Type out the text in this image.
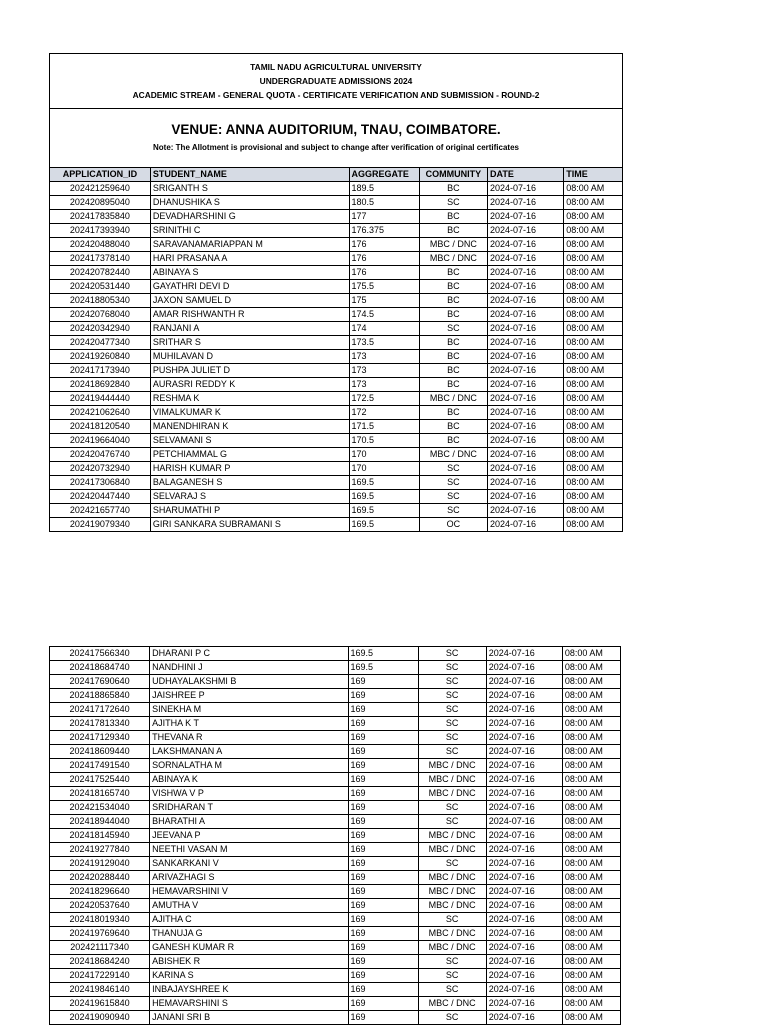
TAMIL NADU AGRICULTURAL UNIVERSITY
UNDERGRADUATE ADMISSIONS 2024
ACADEMIC STREAM - GENERAL QUOTA - CERTIFICATE VERIFICATION AND SUBMISSION - ROUND-2
VENUE: ANNA AUDITORIUM, TNAU, COIMBATORE.
Note: The Allotment is provisional and subject to change after verification of original certificates
APPLICATION_ID	STUDENT_NAME	AGGREGATE	COMMUNITY	DATE	TIME
202421259640	SRIGANTH S	189.5	BC	2024-07-16	08:00 AM
202420895040	DHANUSHIKA S	180.5	SC	2024-07-16	08:00 AM
202417835840	DEVADHARSHINI G	177	BC	2024-07-16	08:00 AM
202417393940	SRINITHI C	176.375	BC	2024-07-16	08:00 AM
202420488040	SARAVANAMARIAPPAN M	176	MBC / DNC	2024-07-16	08:00 AM
202417378140	HARI PRASANA A	176	MBC / DNC	2024-07-16	08:00 AM
202420782440	ABINAYA S	176	BC	2024-07-16	08:00 AM
202420531440	GAYATHRI DEVI D	175.5	BC	2024-07-16	08:00 AM
202418805340	JAXON SAMUEL D	175	BC	2024-07-16	08:00 AM
202420768040	AMAR RISHWANTH R	174.5	BC	2024-07-16	08:00 AM
202420342940	RANJANI A	174	SC	2024-07-16	08:00 AM
202420477340	SRITHAR S	173.5	BC	2024-07-16	08:00 AM
202419260840	MUHILAVAN D	173	BC	2024-07-16	08:00 AM
202417173940	PUSHPA JULIET D	173	BC	2024-07-16	08:00 AM
202418692840	AURASRI REDDY K	173	BC	2024-07-16	08:00 AM
202419444440	RESHMA K	172.5	MBC / DNC	2024-07-16	08:00 AM
202421062640	VIMALKUMAR K	172	BC	2024-07-16	08:00 AM
202418120540	MANENDHIRAN K	171.5	BC	2024-07-16	08:00 AM
202419664040	SELVAMANI S	170.5	BC	2024-07-16	08:00 AM
202420476740	PETCHIAMMAL G	170	MBC / DNC	2024-07-16	08:00 AM
202420732940	HARISH KUMAR P	170	SC	2024-07-16	08:00 AM
202417306840	BALAGANESH S	169.5	SC	2024-07-16	08:00 AM
202420447440	SELVARAJ S	169.5	SC	2024-07-16	08:00 AM
202421657740	SHARUMATHI P	169.5	SC	2024-07-16	08:00 AM
202419079340	GIRI SANKARA SUBRAMANI S	169.5	OC	2024-07-16	08:00 AM
202417566340	DHARANI P C	169.5	SC	2024-07-16	08:00 AM
202418684740	NANDHINI J	169.5	SC	2024-07-16	08:00 AM
202417690640	UDHAYALAKSHMI B	169	SC	2024-07-16	08:00 AM
202418865840	JAISHREE P	169	SC	2024-07-16	08:00 AM
202417172640	SINEKHA M	169	SC	2024-07-16	08:00 AM
202417813340	AJITHA K T	169	SC	2024-07-16	08:00 AM
202417129340	THEVANA R	169	SC	2024-07-16	08:00 AM
202418609440	LAKSHMANAN A	169	SC	2024-07-16	08:00 AM
202417491540	SORNALATHA M	169	MBC / DNC	2024-07-16	08:00 AM
202417525440	ABINAYA K	169	MBC / DNC	2024-07-16	08:00 AM
202418165740	VISHWA V P	169	MBC / DNC	2024-07-16	08:00 AM
202421534040	SRIDHARAN T	169	SC	2024-07-16	08:00 AM
202418944040	BHARATHI A	169	SC	2024-07-16	08:00 AM
202418145940	JEEVANA P	169	MBC / DNC	2024-07-16	08:00 AM
202419277840	NEETHI VASAN M	169	MBC / DNC	2024-07-16	08:00 AM
202419129040	SANKARKANI V	169	SC	2024-07-16	08:00 AM
202420288440	ARIVAZHAGI S	169	MBC / DNC	2024-07-16	08:00 AM
202418296640	HEMAVARSHINI V	169	MBC / DNC	2024-07-16	08:00 AM
202420537640	AMUTHA V	169	MBC / DNC	2024-07-16	08:00 AM
202418019340	AJITHA C	169	SC	2024-07-16	08:00 AM
202419769640	THANUJA G	169	MBC / DNC	2024-07-16	08:00 AM
202421117340	GANESH KUMAR R	169	MBC / DNC	2024-07-16	08:00 AM
202418684240	ABISHEK R	169	SC	2024-07-16	08:00 AM
202417229140	KARINA S	169	SC	2024-07-16	08:00 AM
202419846140	INBAJAYSHREE K	169	SC	2024-07-16	08:00 AM
202419615840	HEMAVARSHINI S	169	MBC / DNC	2024-07-16	08:00 AM
202419090940	JANANI SRI B	169	SC	2024-07-16	08:00 AM
